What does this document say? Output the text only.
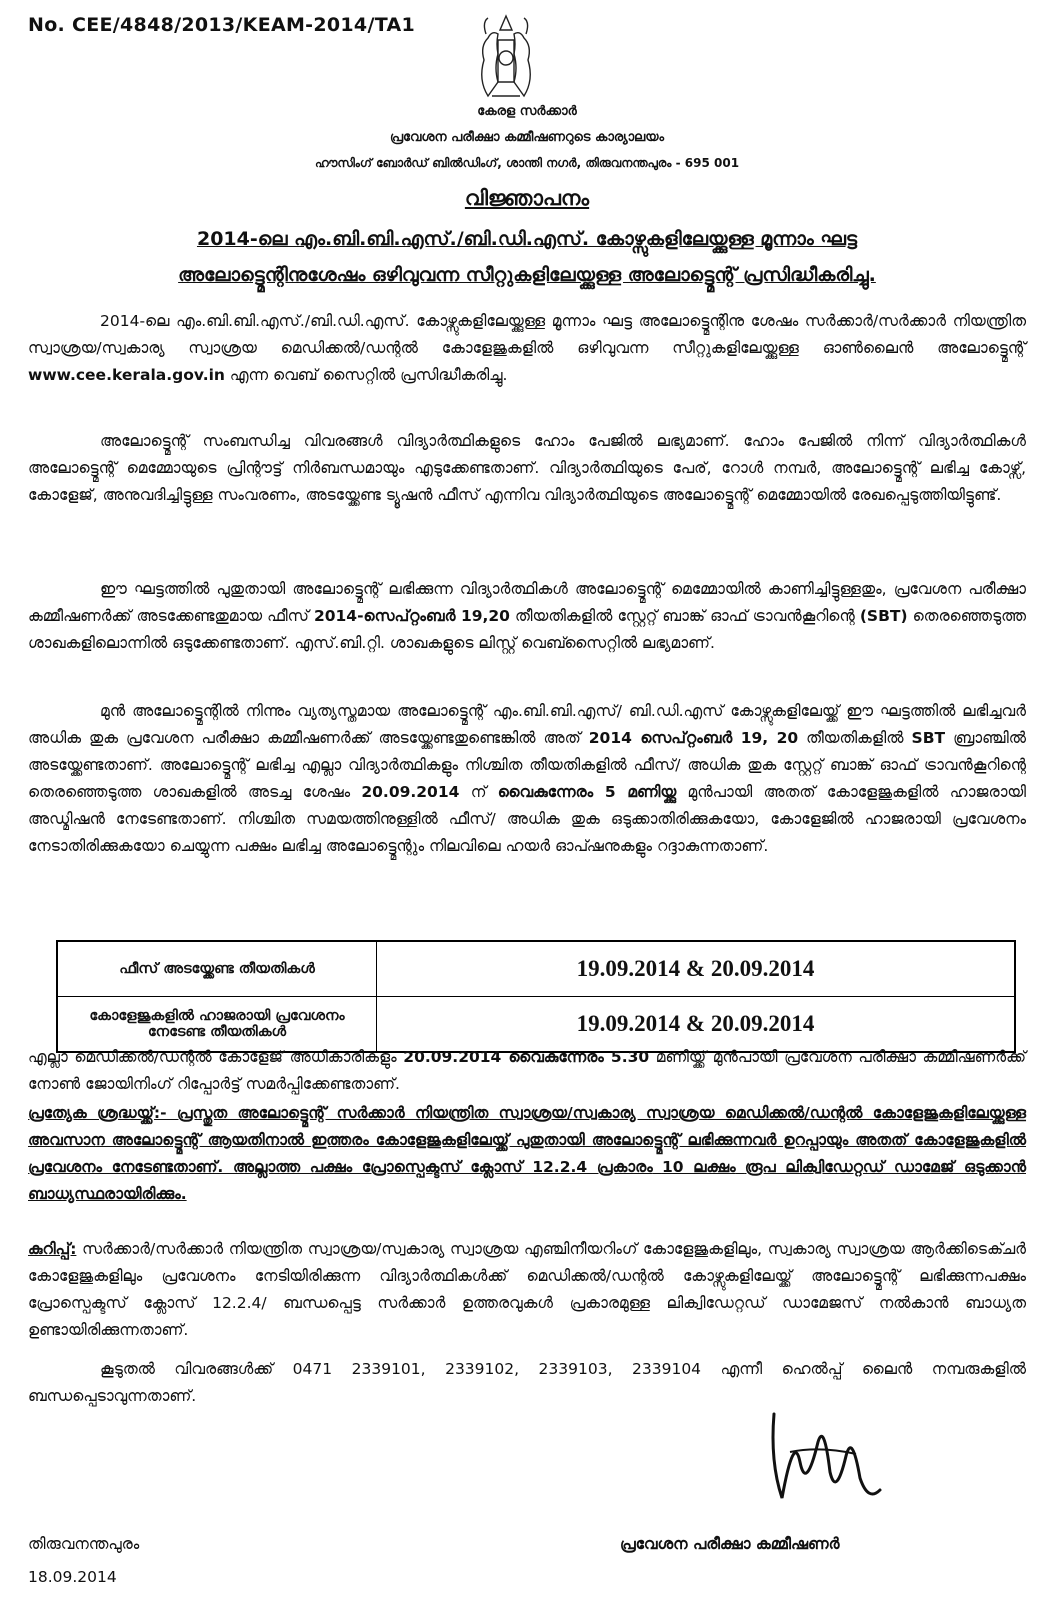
No. CEE/4848/2013/KEAM-2014/TA1
കേരള സർക്കാർ
പ്രവേശന പരീക്ഷാ കമ്മീഷണറുടെ കാര്യാലയം
ഹൗസിംഗ് ബോർഡ് ബിൽഡിംഗ്, ശാന്തി നഗർ, തിരുവനന്തപുരം - 695 001
വിജ്ഞാപനം
2014-ലെ എം.ബി.ബി.എസ്./ബി.ഡി.എസ്. കോഴ്സുകളിലേയ്ക്കുള്ള മൂന്നാം ഘട്ട
അലോട്ട്മെന്റിനുശേഷം ഒഴിവുവന്ന സീറ്റുകളിലേയ്ക്കുള്ള അലോട്ട്മെന്റ് പ്രസിദ്ധീകരിച്ചു.
2014-ലെ എം.ബി.ബി.എസ്./ബി.ഡി.എസ്. കോഴ്സുകളിലേയ്ക്കുള്ള മൂന്നാം ഘട്ട അലോട്ട്മെന്റിനു ശേഷം സർക്കാർ/സർക്കാർ നിയന്ത്രിത സ്വാശ്രയ/സ്വകാര്യ സ്വാശ്രയ മെഡിക്കൽ/ഡന്റൽ കോളേജുകളിൽ ഒഴിവുവന്ന സീറ്റുകളിലേയ്ക്കുള്ള ഓൺലൈൻ അലോട്ട്മെന്റ് www.cee.kerala.gov.in എന്ന വെബ് സൈറ്റിൽ പ്രസിദ്ധീകരിച്ചു.
അലോട്ട്മെന്റ് സംബന്ധിച്ച വിവരങ്ങൾ വിദ്യാർത്ഥികളുടെ ഹോം പേജിൽ ലഭ്യമാണ്. ഹോം പേജിൽ നിന്ന് വിദ്യാർത്ഥികൾ അലോട്ട്മെന്റ് മെമ്മോയുടെ പ്രിന്റൗട്ട് നിർബന്ധമായും എടുക്കേണ്ടതാണ്. വിദ്യാർത്ഥിയുടെ പേര്, റോൾ നമ്പർ, അലോട്ട്മെന്റ് ലഭിച്ച കോഴ്സ്, കോളേജ്, അനുവദിച്ചിട്ടുള്ള സംവരണം, അടയ്ക്കേണ്ട ട്യൂഷൻ ഫീസ് എന്നിവ വിദ്യാർത്ഥിയുടെ അലോട്ട്മെന്റ് മെമ്മോയിൽ രേഖപ്പെടുത്തിയിട്ടുണ്ട്.
ഈ ഘട്ടത്തിൽ പുതുതായി അലോട്ട്മെന്റ് ലഭിക്കുന്ന വിദ്യാർത്ഥികൾ അലോട്ട്മെന്റ് മെമ്മോയിൽ കാണിച്ചിട്ടുള്ളതും, പ്രവേശന പരീക്ഷാ കമ്മീഷണർക്ക് അടക്കേണ്ടതുമായ ഫീസ് 2014-സെപ്റ്റംബർ 19,20 തീയതികളിൽ സ്റ്റേറ്റ് ബാങ്ക് ഓഫ് ട്രാവൻകൂറിന്റെ (SBT) തെരഞ്ഞെടുത്ത ശാഖകളിലൊന്നിൽ ഒടുക്കേണ്ടതാണ്. എസ്.ബി.റ്റി. ശാഖകളുടെ ലിസ്റ്റ് വെബ്സൈറ്റിൽ ലഭ്യമാണ്.
മുൻ അലോട്ട്മെന്റിൽ നിന്നും വ്യത്യസ്തമായ അലോട്ട്മെന്റ് എം.ബി.ബി.എസ്/ ബി.ഡി.എസ് കോഴ്സുകളിലേയ്ക്ക് ഈ ഘട്ടത്തിൽ ലഭിച്ചവർ അധിക തുക പ്രവേശന പരീക്ഷാ കമ്മീഷണർക്ക് അടയ്ക്കേണ്ടതുണ്ടെങ്കിൽ അത് 2014 സെപ്റ്റംബർ 19, 20 തീയതികളിൽ SBT ബ്രാഞ്ചിൽ അടയ്ക്കേണ്ടതാണ്. അലോട്ട്മെന്റ് ലഭിച്ച എല്ലാ വിദ്യാർത്ഥികളും നിശ്ചിത തീയതികളിൽ ഫീസ്/ അധിക തുക സ്റ്റേറ്റ് ബാങ്ക് ഓഫ് ട്രാവൻകൂറിന്റെ തെരഞ്ഞെടുത്ത ശാഖകളിൽ അടച്ച ശേഷം 20.09.2014 ന് വൈകുന്നേരം 5 മണിയ്ക്കു മുൻപായി അതത് കോളേജുകളിൽ ഹാജരായി അഡ്മിഷൻ നേടേണ്ടതാണ്. നിശ്ചിത സമയത്തിനുള്ളിൽ ഫീസ്/ അധിക തുക ഒടുക്കാതിരിക്കുകയോ, കോളേജിൽ ഹാജരായി പ്രവേശനം നേടാതിരിക്കുകയോ ചെയ്യുന്ന പക്ഷം ലഭിച്ച അലോട്ട്മെന്റും നിലവിലെ ഹയർ ഓപ്ഷനുകളും റദ്ദാകുന്നതാണ്.
ഫീസ് അടയ്ക്കേണ്ട തീയതികൾ	19.09.2014 & 20.09.2014
കോളേജുകളിൽ ഹാജരായി പ്രവേശനം
നേടേണ്ട തീയതികൾ	19.09.2014 & 20.09.2014
എല്ലാ മെഡിക്കൽ/ഡന്റൽ കോളേജ് അധികാരികളും 20.09.2014 വൈകുന്നേരം 5.30 മണിയ്ക്ക് മുൻപായി പ്രവേശന പരീക്ഷാ കമ്മീഷണർക്ക് നോൺ ജോയിനിംഗ് റിപ്പോർട്ട് സമർപ്പിക്കേണ്ടതാണ്.
പ്രത്യേക ശ്രദ്ധയ്ക്ക്:- പ്രസ്തുത അലോട്ട്മെന്റ് സർക്കാർ നിയന്ത്രിത സ്വാശ്രയ/സ്വകാര്യ സ്വാശ്രയ മെഡിക്കൽ/ഡന്റൽ കോളേജുകളിലേയ്ക്കുള്ള അവസാന അലോട്ട്മെന്റ് ആയതിനാൽ ഇത്തരം കോളേജുകളിലേയ്ക്ക് പുതുതായി അലോട്ട്മെന്റ് ലഭിക്കുന്നവർ ഉറപ്പായും അതത് കോളേജുകളിൽ പ്രവേശനം നേടേണ്ടതാണ്. അല്ലാത്ത പക്ഷം പ്രോസ്പെക്ടസ് ക്ലോസ് 12.2.4 പ്രകാരം 10 ലക്ഷം രൂപ ലിക്വിഡേറ്റഡ് ഡാമേജ് ഒടുക്കാൻ ബാധ്യസ്ഥരായിരിക്കും.
കുറിപ്പ്: സർക്കാർ/സർക്കാർ നിയന്ത്രിത സ്വാശ്രയ/സ്വകാര്യ സ്വാശ്രയ എഞ്ചിനീയറിംഗ് കോളേജുകളിലും, സ്വകാര്യ സ്വാശ്രയ ആർക്കിടെക്ചർ കോളേജുകളിലും പ്രവേശനം നേടിയിരിക്കുന്ന വിദ്യാർത്ഥികൾക്ക് മെഡിക്കൽ/ഡന്റൽ കോഴ്സുകളിലേയ്ക്ക് അലോട്ട്മെന്റ് ലഭിക്കുന്നപക്ഷം പ്രോസ്പെക്ടസ് ക്ലോസ് 12.2.4/ ബന്ധപ്പെട്ട സർക്കാർ ഉത്തരവുകൾ പ്രകാരമുള്ള ലിക്വിഡേറ്റഡ് ഡാമേജസ് നൽകാൻ ബാധ്യത ഉണ്ടായിരിക്കുന്നതാണ്.
കൂടുതൽ വിവരങ്ങൾക്ക് 0471 2339101, 2339102, 2339103, 2339104 എന്നീ ഹെൽപ്പ് ലൈൻ നമ്പരുകളിൽ ബന്ധപ്പെടാവുന്നതാണ്.
തിരുവനന്തപുരം
18.09.2014
പ്രവേശന പരീക്ഷാ കമ്മീഷണർ
